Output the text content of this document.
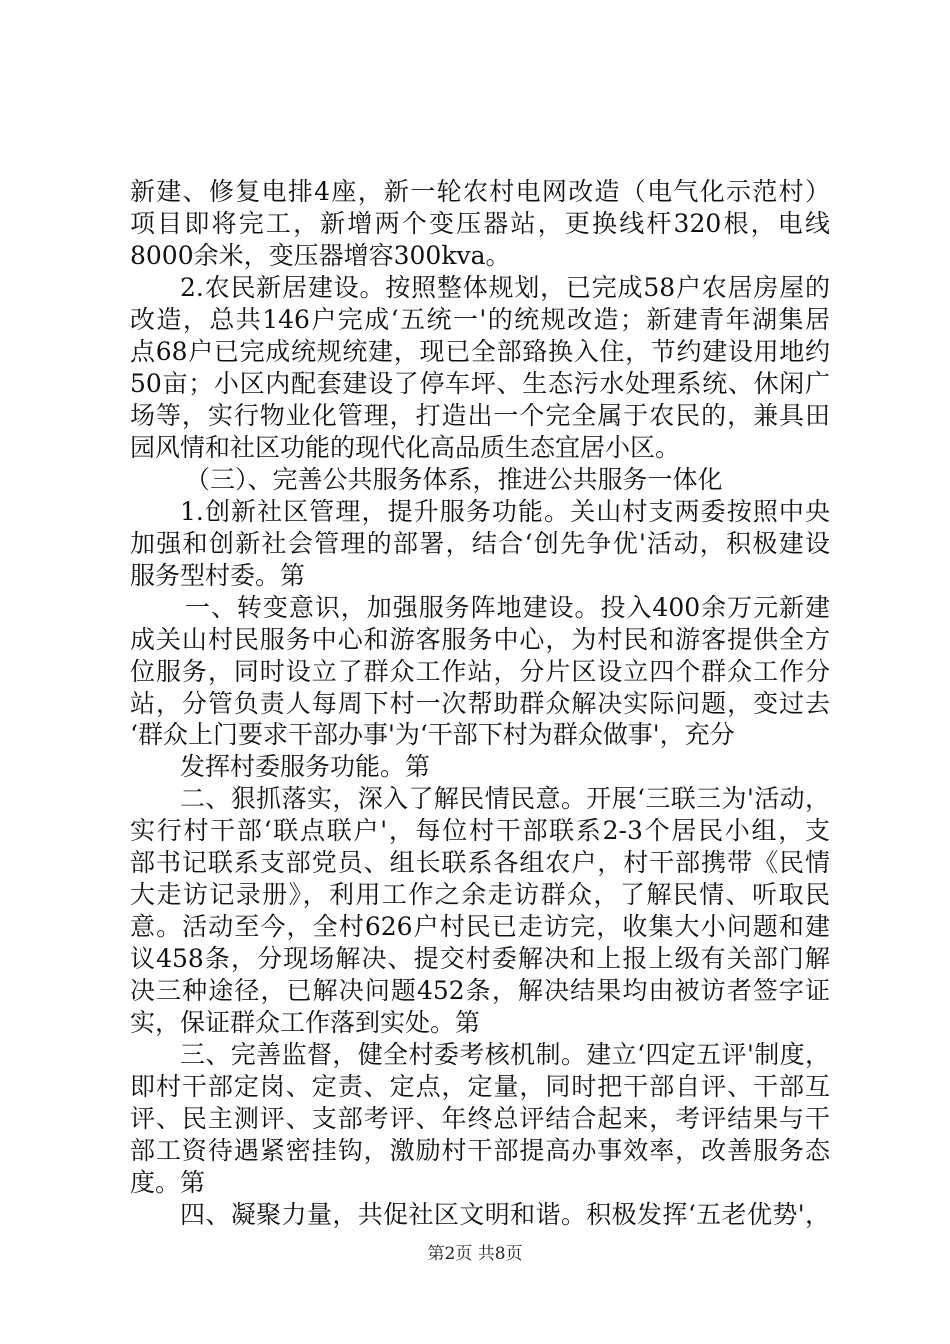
新建、修复电排4座，新一轮农村电网改造（电气化示范村）
项目即将完工，新增两个变压器站，更换线杆320根，电线
8000余米，变压器增容300kva。
2.农民新居建设。按照整体规划，已完成58户农居房屋的
改造，总共146户完成‘五统一'的统规改造；新建青年湖集居
点68户已完成统规统建，现已全部臵换入住，节约建设用地约
50亩；小区内配套建设了停车坪、生态污水处理系统、休闲广
场等，实行物业化管理，打造出一个完全属于农民的，兼具田
园风情和社区功能的现代化高品质生态宜居小区。
（三）、完善公共服务体系，推进公共服务一体化
1.创新社区管理，提升服务功能。关山村支两委按照中央
加强和创新社会管理的部署，结合‘创先争优'活动，积极建设
服务型村委。第
一、转变意识，加强服务阵地建设。投入400余万元新建
成关山村民服务中心和游客服务中心，为村民和游客提供全方
位服务，同时设立了群众工作站，分片区设立四个群众工作分
站，分管负责人每周下村一次帮助群众解决实际问题，变过去
‘群众上门要求干部办事'为‘干部下村为群众做事'，充分
发挥村委服务功能。第
二、狠抓落实，深入了解民情民意。开展‘三联三为'活动，
实行村干部‘联点联户'，每位村干部联系2-3个居民小组，支
部书记联系支部党员、组长联系各组农户，村干部携带《民情
大走访记录册》，利用工作之余走访群众，了解民情、听取民
意。活动至今，全村626户村民已走访完，收集大小问题和建
议458条，分现场解决、提交村委解决和上报上级有关部门解
决三种途径，已解决问题452条，解决结果均由被访者签字证
实，保证群众工作落到实处。第
三、完善监督，健全村委考核机制。建立‘四定五评'制度，
即村干部定岗、定责、定点，定量，同时把干部自评、干部互
评、民主测评、支部考评、年终总评结合起来，考评结果与干
部工资待遇紧密挂钩，激励村干部提高办事效率，改善服务态
度。第
四、凝聚力量，共促社区文明和谐。积极发挥‘五老优势'，
第2页 共8页
